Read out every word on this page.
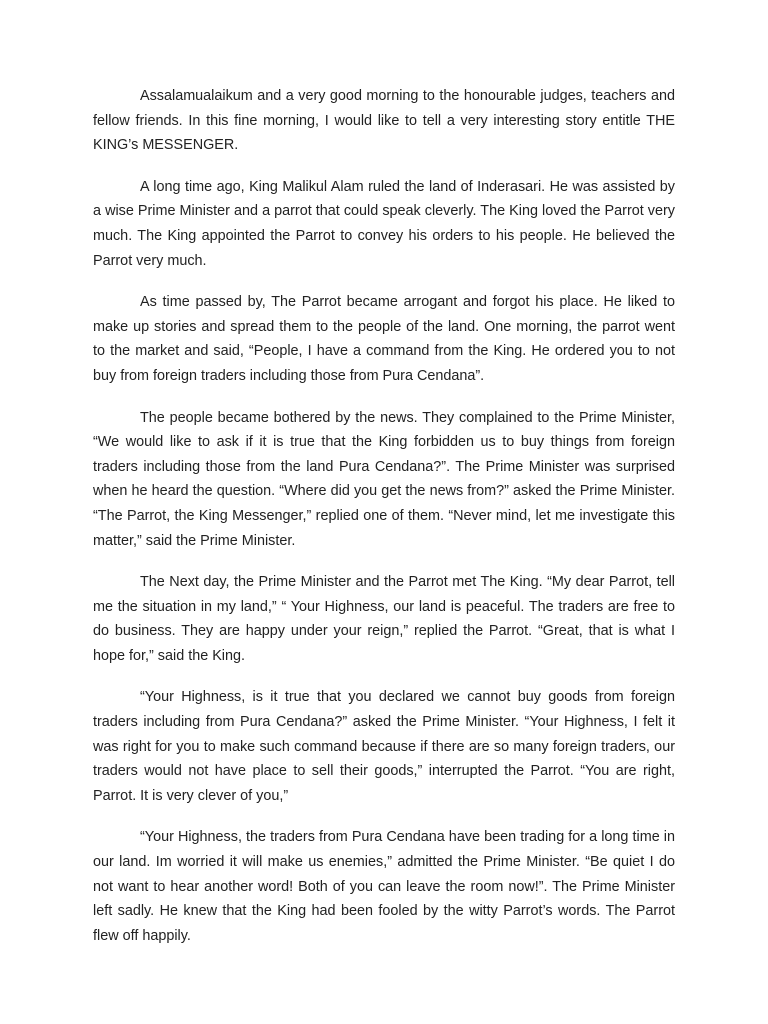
Assalamualaikum and a very good morning to the honourable judges, teachers and fellow friends. In this fine morning, I would like to tell a very interesting story entitle THE KING’s MESSENGER.

A long time ago, King Malikul Alam ruled the land of Inderasari. He was assisted by a wise Prime Minister and a parrot that could speak cleverly. The King loved the Parrot very much. The King appointed the Parrot to convey his orders to his people. He believed the Parrot very much.

As time passed by, The Parrot became arrogant and forgot his place. He liked to make up stories and spread them to the people of the land. One morning, the parrot went to the market and said, “People, I have a command from the King. He ordered you to not buy from foreign traders including those from Pura Cendana”.

The people became bothered by the news. They complained to the Prime Minister, “We would like to ask if it is true that the King forbidden us to buy things from foreign traders including those from the land Pura Cendana?”. The Prime Minister was surprised when he heard the question. “Where did you get the news from?” asked the Prime Minister. “The Parrot, the King Messenger,” replied one of them. “Never mind, let me investigate this matter,” said the Prime Minister.

The Next day, the Prime Minister and the Parrot met The King. “My dear Parrot, tell me the situation in my land,” “ Your Highness, our land is peaceful. The traders are free to do business. They are happy under your reign,” replied the Parrot. “Great, that is what I hope for,” said the King.

“Your Highness, is it true that you declared we cannot buy goods from foreign traders including from Pura Cendana?” asked the Prime Minister. “Your Highness, I felt it was right for you to make such command because if there are so many foreign traders, our traders would not have place to sell their goods,” interrupted the Parrot. “You are right, Parrot. It is very clever of you,”

“Your Highness, the traders from Pura Cendana have been trading for a long time in our land. Im worried it will make us enemies,” admitted the Prime Minister. “Be quiet I do not want to hear another word! Both of you can leave the room now!”. The Prime Minister left sadly. He knew that the King had been fooled by the witty Parrot’s words. The Parrot flew off happily.
